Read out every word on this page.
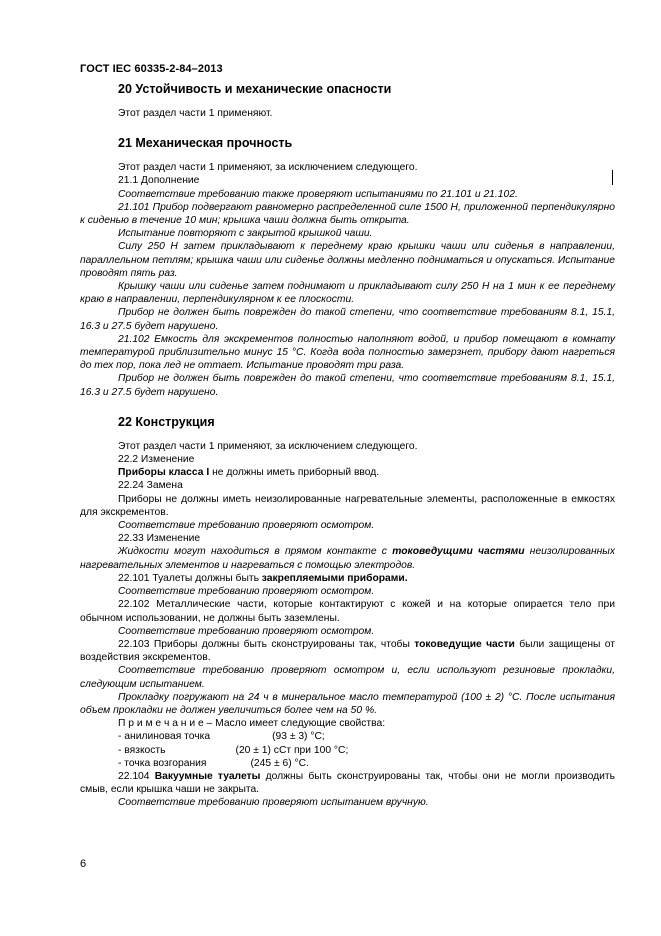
ГОСТ IEC 60335-2-84–2013
20 Устойчивость и механические опасности

Этот раздел части 1 применяют.

21 Механическая прочность

Этот раздел части 1 применяют, за исключением следующего.

21.1 Дополнение

Соответствие требованию также проверяют испытаниями по 21.101 и 21.102.

21.101 Прибор подвергают равномерно распределенной силе 1500 Н, приложенной перпендикулярно к сиденью в течение 10 мин; крышка чаши должна быть открыта.

Испытание повторяют с закрытой крышкой чаши.

Силу 250 Н затем прикладывают к переднему краю крышки чаши или сиденья в направлении, параллельном петлям; крышка чаши или сиденье должны медленно подниматься и опускаться. Испытание проводят пять раз.

Крышку чаши или сиденье затем поднимают и прикладывают силу 250 Н на 1 мин к ее переднему краю в направлении, перпендикулярном к ее плоскости.

Прибор не должен быть поврежден до такой степени, что соответствие требованиям 8.1, 15.1, 16.3 и 27.5 будет нарушено.

21.102 Емкость для экскрементов полностью наполняют водой, и прибор помещают в комнату температурой приблизительно минус 15 °С. Когда вода полностью замерзнет, прибору дают нагреться до тех пор, пока лед не оттает. Испытание проводят три раза.

Прибор не должен быть поврежден до такой степени, что соответствие требованиям 8.1, 15.1, 16.3 и 27.5 будет нарушено.

22 Конструкция

Этот раздел части 1 применяют, за исключением следующего.

22.2 Изменение

Приборы класса I не должны иметь приборный ввод.

22.24 Замена

Приборы не должны иметь неизолированные нагревательные элементы, расположенные в емкостях для экскрементов.

Соответствие требованию проверяют осмотром.

22.33 Изменение

Жидкости могут находиться в прямом контакте с токоведущими частями неизолированных нагревательных элементов и нагреваться с помощью электродов.

22.101 Туалеты должны быть закрепляемыми приборами.

Соответствие требованию проверяют осмотром.

22.102 Металлические части, которые контактируют с кожей и на которые опирается тело при обычном использовании, не должны быть заземлены.

Соответствие требованию проверяют осмотром.

22.103 Приборы должны быть сконструированы так, чтобы токоведущие части были защищены от воздействия экскрементов.

Соответствие требованию проверяют осмотром и, если используют резиновые прокладки, следующим испытанием.

Прокладку погружают на 24 ч в минеральное масло температурой (100 ± 2) °С. После испытания объем прокладки не должен увеличиться более чем на 50 %.

П р и м е ч а н и е – Масло имеет следующие свойства:

- анилиновая точка	(93 ± 3) °С;

- вязкость	(20 ± 1) сСт при 100 °С;

- точка возгорания	(245 ± 6) °С.

22.104 Вакуумные туалеты должны быть сконструированы так, чтобы они не могли производить смыв, если крышка чаши не закрыта.

Соответствие требованию проверяют испытанием вручную.

6
